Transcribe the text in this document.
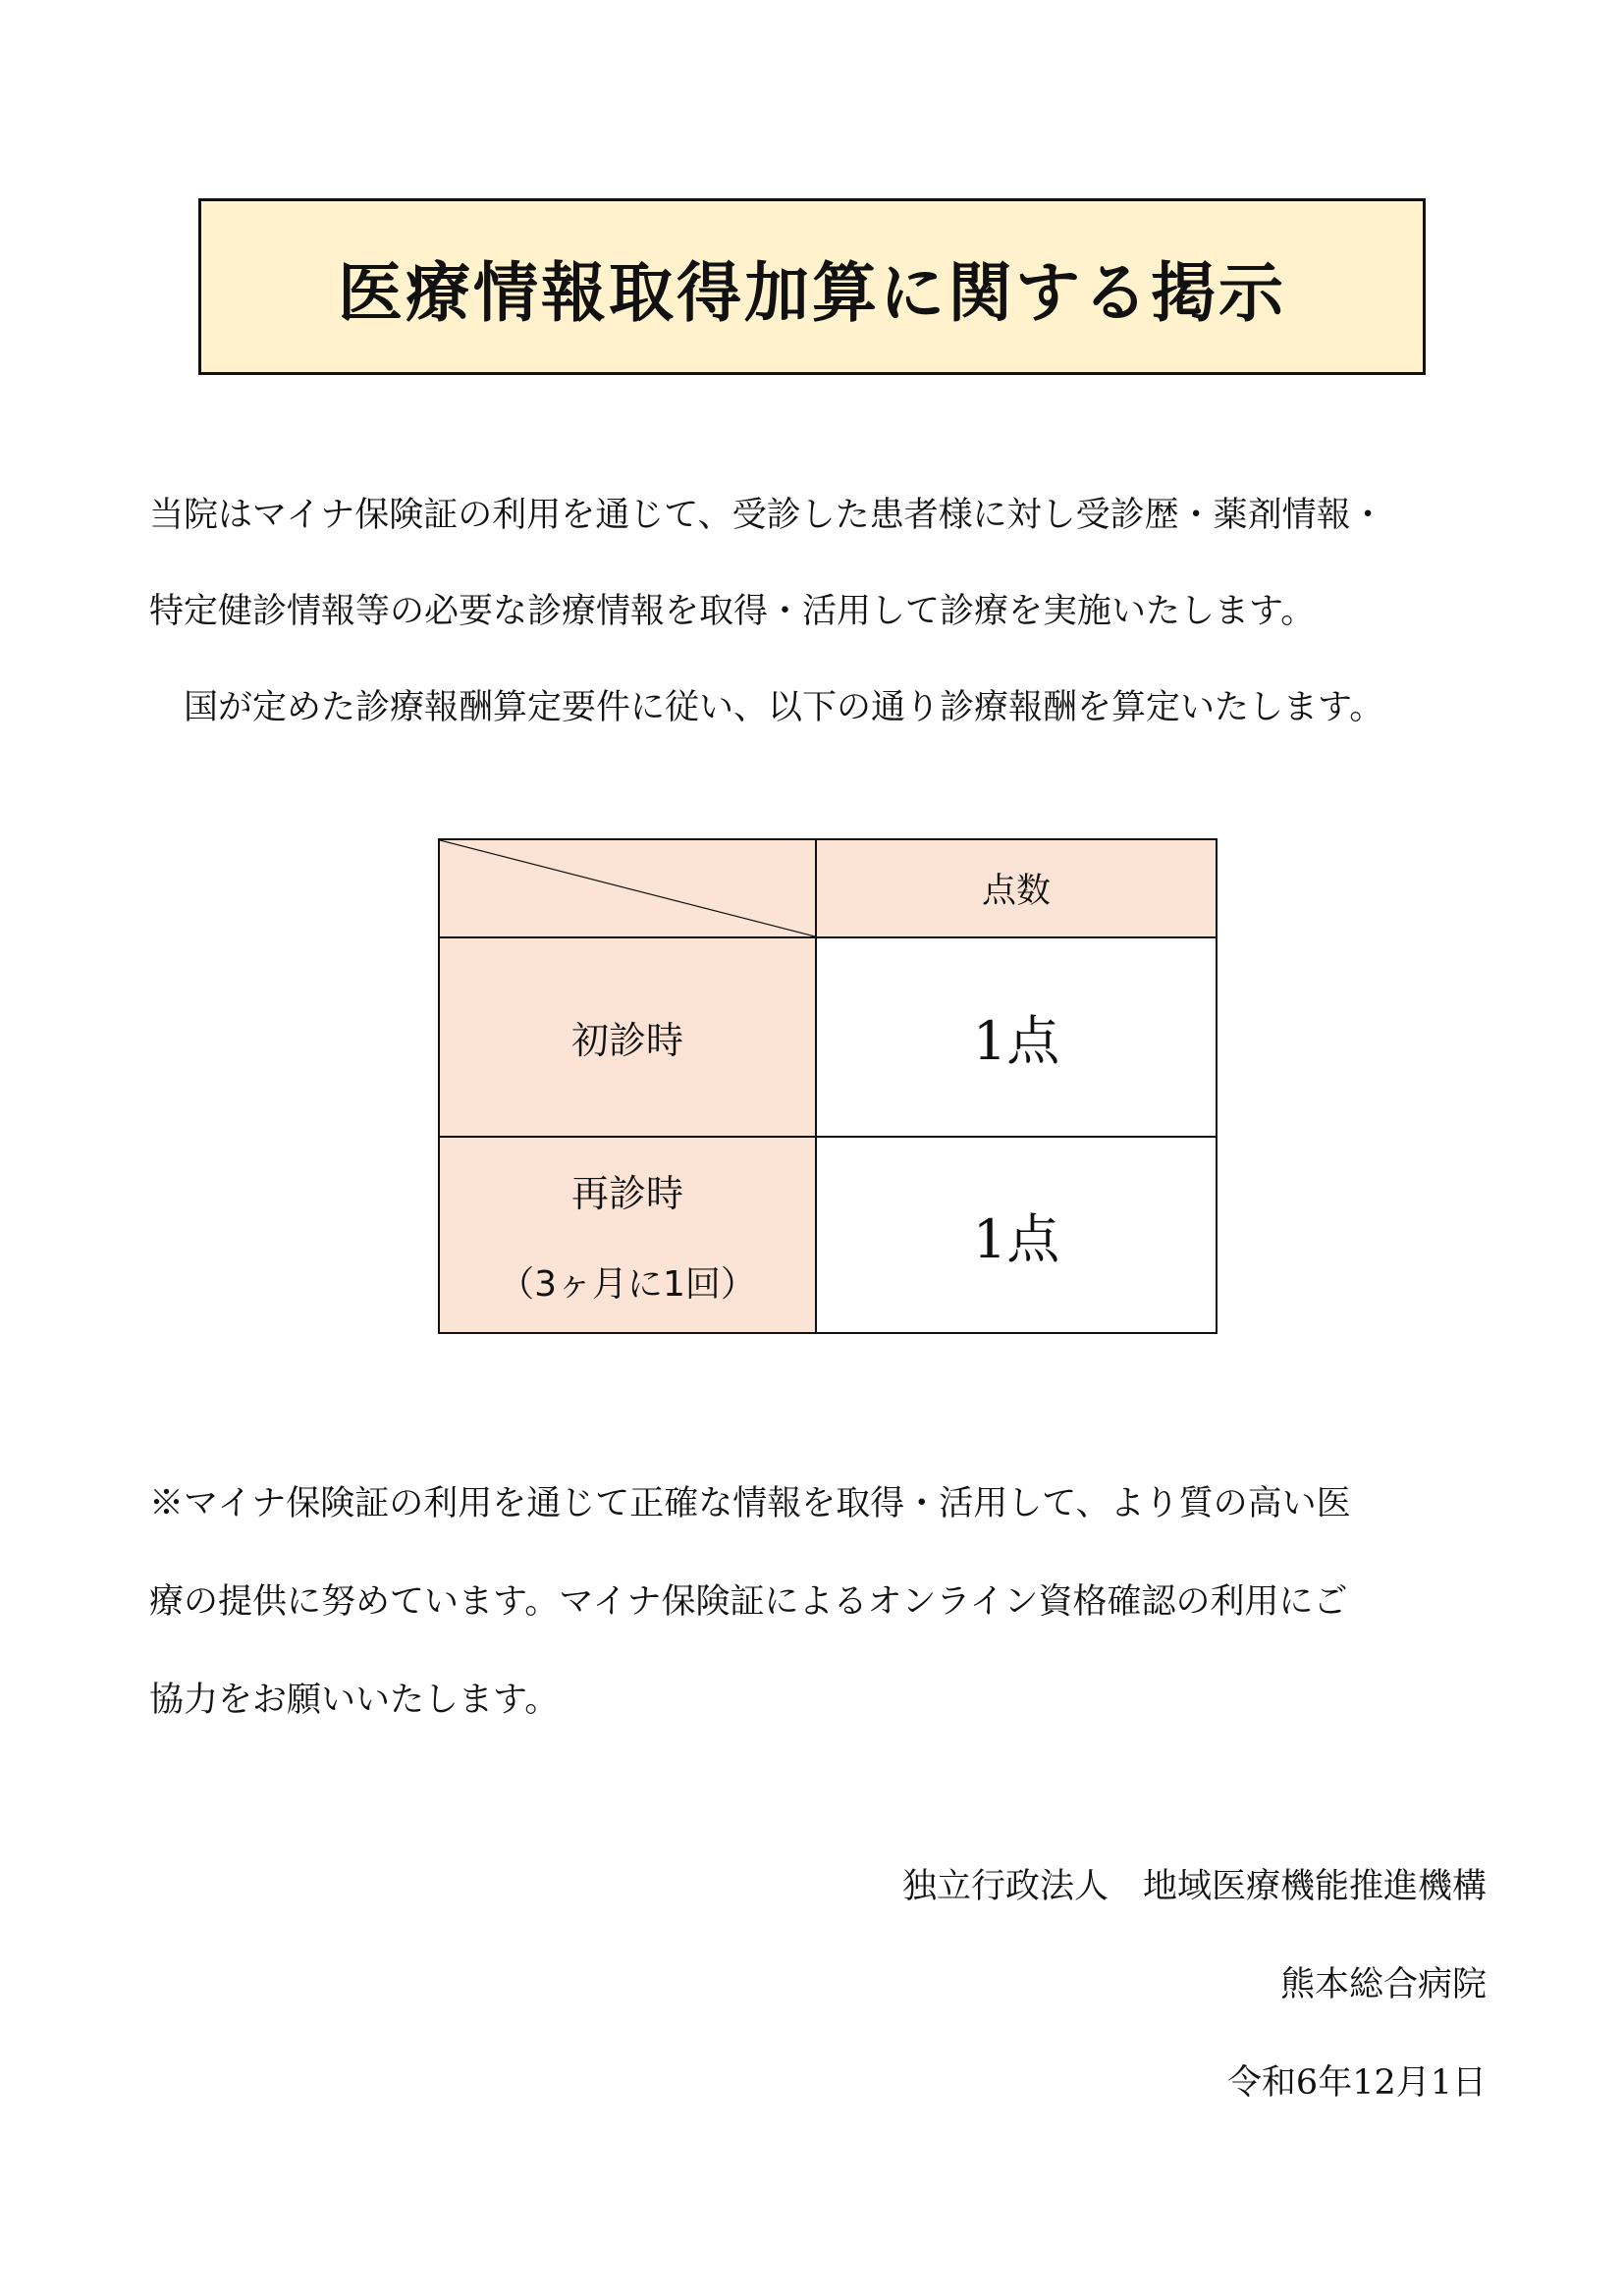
医療情報取得加算に関する掲示
当院はマイナ保険証の利用を通じて、受診した患者様に対し受診歴・薬剤情報・
特定健診情報等の必要な診療情報を取得・活用して診療を実施いたします。
　国が定めた診療報酬算定要件に従い、以下の通り診療報酬を算定いたします。
	点数
初診時	1点

再診時
（3ヶ月に1回）	1点
※マイナ保険証の利用を通じて正確な情報を取得・活用して、より質の高い医
療の提供に努めています。マイナ保険証によるオンライン資格確認の利用にご
協力をお願いいたします。
独立行政法人　地域医療機能推進機構
熊本総合病院
令和6年12月1日
